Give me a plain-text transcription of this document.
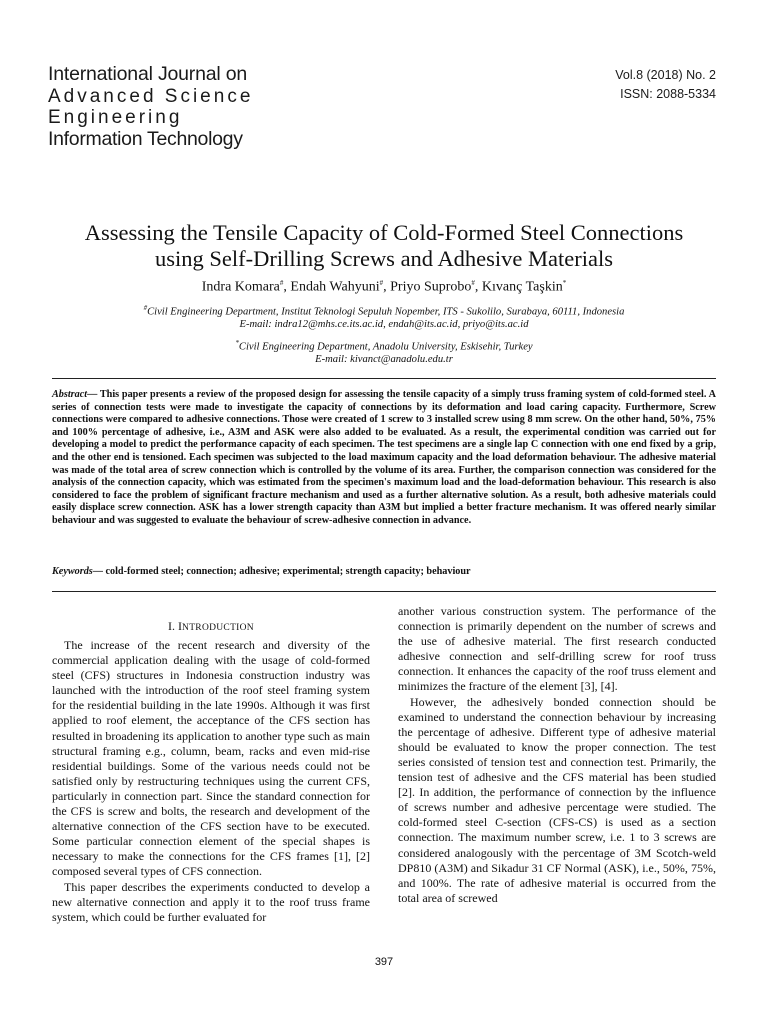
International Journal on
Advanced Science
Engineering
Information Technology
Vol.8 (2018) No. 2
ISSN: 2088-5334
Assessing the Tensile Capacity of Cold-Formed Steel Connections
using Self-Drilling Screws and Adhesive Materials
Indra Komara#, Endah Wahyuni#, Priyo Suprobo#, Kıvanç Taşkin*
#Civil Engineering Department, Institut Teknologi Sepuluh Nopember, ITS - Sukolilo, Surabaya, 60111, Indonesia
E-mail: indra12@mhs.ce.its.ac.id, endah@its.ac.id, priyo@its.ac.id
*Civil Engineering Department, Anadolu University, Eskisehir, Turkey
E-mail: kivanct@anadolu.edu.tr
Abstract— This paper presents a review of the proposed design for assessing the tensile capacity of a simply truss framing system of cold-formed steel. A series of connection tests were made to investigate the capacity of connections by its deformation and load caring capacity. Furthermore, Screw connections were compared to adhesive connections. Those were created of 1 screw to 3 installed screw using 8 mm screw. On the other hand, 50%, 75% and 100% percentage of adhesive, i.e., A3M and ASK were also added to be evaluated. As a result, the experimental condition was carried out for developing a model to predict the performance capacity of each specimen. The test specimens are a single lap C connection with one end fixed by a grip, and the other end is tensioned. Each specimen was subjected to the load maximum capacity and the load deformation behaviour. The adhesive material was made of the total area of screw connection which is controlled by the volume of its area. Further, the comparison connection was considered for the analysis of the connection capacity, which was estimated from the specimen's maximum load and the load-deformation behaviour. This research is also considered to face the problem of significant fracture mechanism and used as a further alternative solution. As a result, both adhesive materials could easily displace screw connection. ASK has a lower strength capacity than A3M but implied a better fracture mechanism. It was offered nearly similar behaviour and was suggested to evaluate the behaviour of screw-adhesive connection in advance.
Keywords— cold-formed steel; connection; adhesive; experimental; strength capacity; behaviour
I. INTRODUCTION

The increase of the recent research and diversity of the commercial application dealing with the usage of cold-formed steel (CFS) structures in Indonesia construction industry was launched with the introduction of the roof steel framing system for the residential building in the late 1990s. Although it was first applied to roof element, the acceptance of the CFS section has resulted in broadening its application to another type such as main structural framing e.g., column, beam, racks and even mid-rise residential buildings. Some of the various needs could not be satisfied only by restructuring techniques using the current CFS, particularly in connection part. Since the standard connection for the CFS is screw and bolts, the research and development of the alternative connection of the CFS section have to be executed. Some particular connection element of the special shapes is necessary to make the connections for the CFS frames [1], [2] composed several types of CFS connection.

This paper describes the experiments conducted to develop a new alternative connection and apply it to the roof truss frame system, which could be further evaluated for

another various construction system. The performance of the connection is primarily dependent on the number of screws and the use of adhesive material. The first research conducted adhesive connection and self-drilling screw for roof truss connection. It enhances the capacity of the roof truss element and minimizes the fracture of the element [3], [4].

However, the adhesively bonded connection should be examined to understand the connection behaviour by increasing the percentage of adhesive. Different type of adhesive material should be evaluated to know the proper connection. The test series consisted of tension test and connection test. Primarily, the tension test of adhesive and the CFS material has been studied [2]. In addition, the performance of connection by the influence of screws number and adhesive percentage were studied. The cold-formed steel C-section (CFS-CS) is used as a section connection. The maximum number screw, i.e. 1 to 3 screws are considered analogously with the percentage of 3M Scotch-weld DP810 (A3M) and Sikadur 31 CF Normal (ASK), i.e., 50%, 75%, and 100%. The rate of adhesive material is occurred from the total area of screwed

397
